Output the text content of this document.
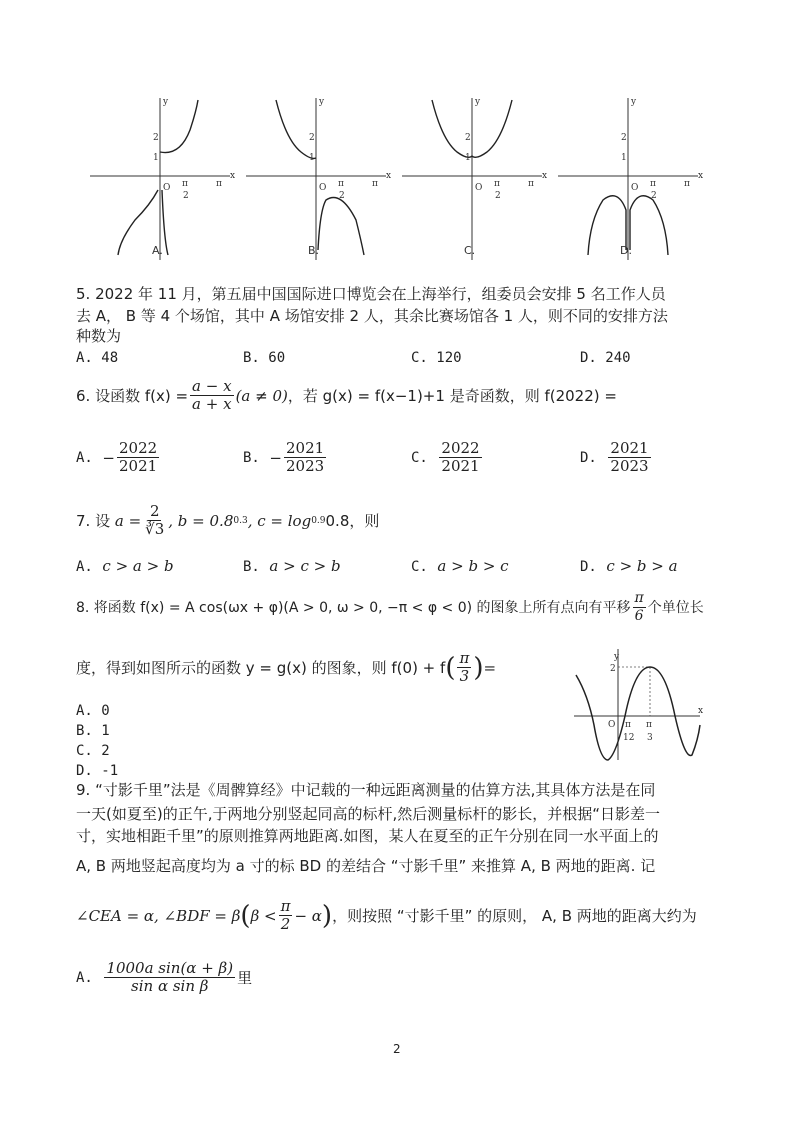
O
1
2
π
2
π
x
y
A.
O
1
2
π
2
π
x
y
B.
O
1
2
π
2
π
x
y
C.
O
1
2
π
2
π
x
y
D.
5. 2022 年 11 月，第五届中国国际进口博览会在上海举行，组委员会安排 5 名工作人员
去 A， B 等 4 个场馆，其中 A 场馆安排 2 人，其余比赛场馆各 1 人，则不同的安排方法
种数为
A. 48	B. 60	C. 120	D. 240
6. 设函数 $f(x) = \frac{a - x}{a + x} (a \ne 0)$ ，若 g(x) = f(x−1)+1 是奇函数，则 f(2022) =
A.
− $\frac{2022}{2021}$	B.
− $\frac{2021}{2023}$	C.
$\frac{2022}{2021}$	D.
$\frac{2021}{2023}$
7. 设
$a = \frac{2}{∛3}$ , b = 0.8 0.3 , c = log 0.9 0.8，则
A. c > a > b	B. a > c > b	C. a > b > c	D. c > b > a
8. 将函数 f(x) = A cos(ωx + φ)(A > 0, ω > 0, −π < φ < 0) 的图象上所有点向有平移 $\frac{\pi}{6}$ 个单位长
度，得到如图所示的函数 y = g(x) 的图象，则 f(0) + f ( $\frac{\pi}{3}$ ) =
A. 0
B. 1
C. 2
D. -1
y
x
O
2
π
12
π
3
9. “寸影千里”法是《周髀算经》中记载的一种远距离测量的估算方法,其具体方法是在同
一天(如夏至)的正午,于两地分别竖起同高的标杆,然后测量标杆的影长，并根据“日影差一
寸，实地相距千里”的原则推算两地距离.如图，某人在夏至的正午分别在同一水平面上的
A, B 两地竖起高度均为 a 寸的标 BD 的差结合 “寸影千里” 来推算 A, B 两地的距离. 记
∠CEA = α, ∠BDF = β ( $\beta < \frac{\pi}{2} - \alpha$ ) ，则按照 “寸影千里” 的原则， A, B 两地的距离大约为
A.
$\frac{\text{1000a sin(α + β)}}{\text{sin α sin β}}$ 里
2
